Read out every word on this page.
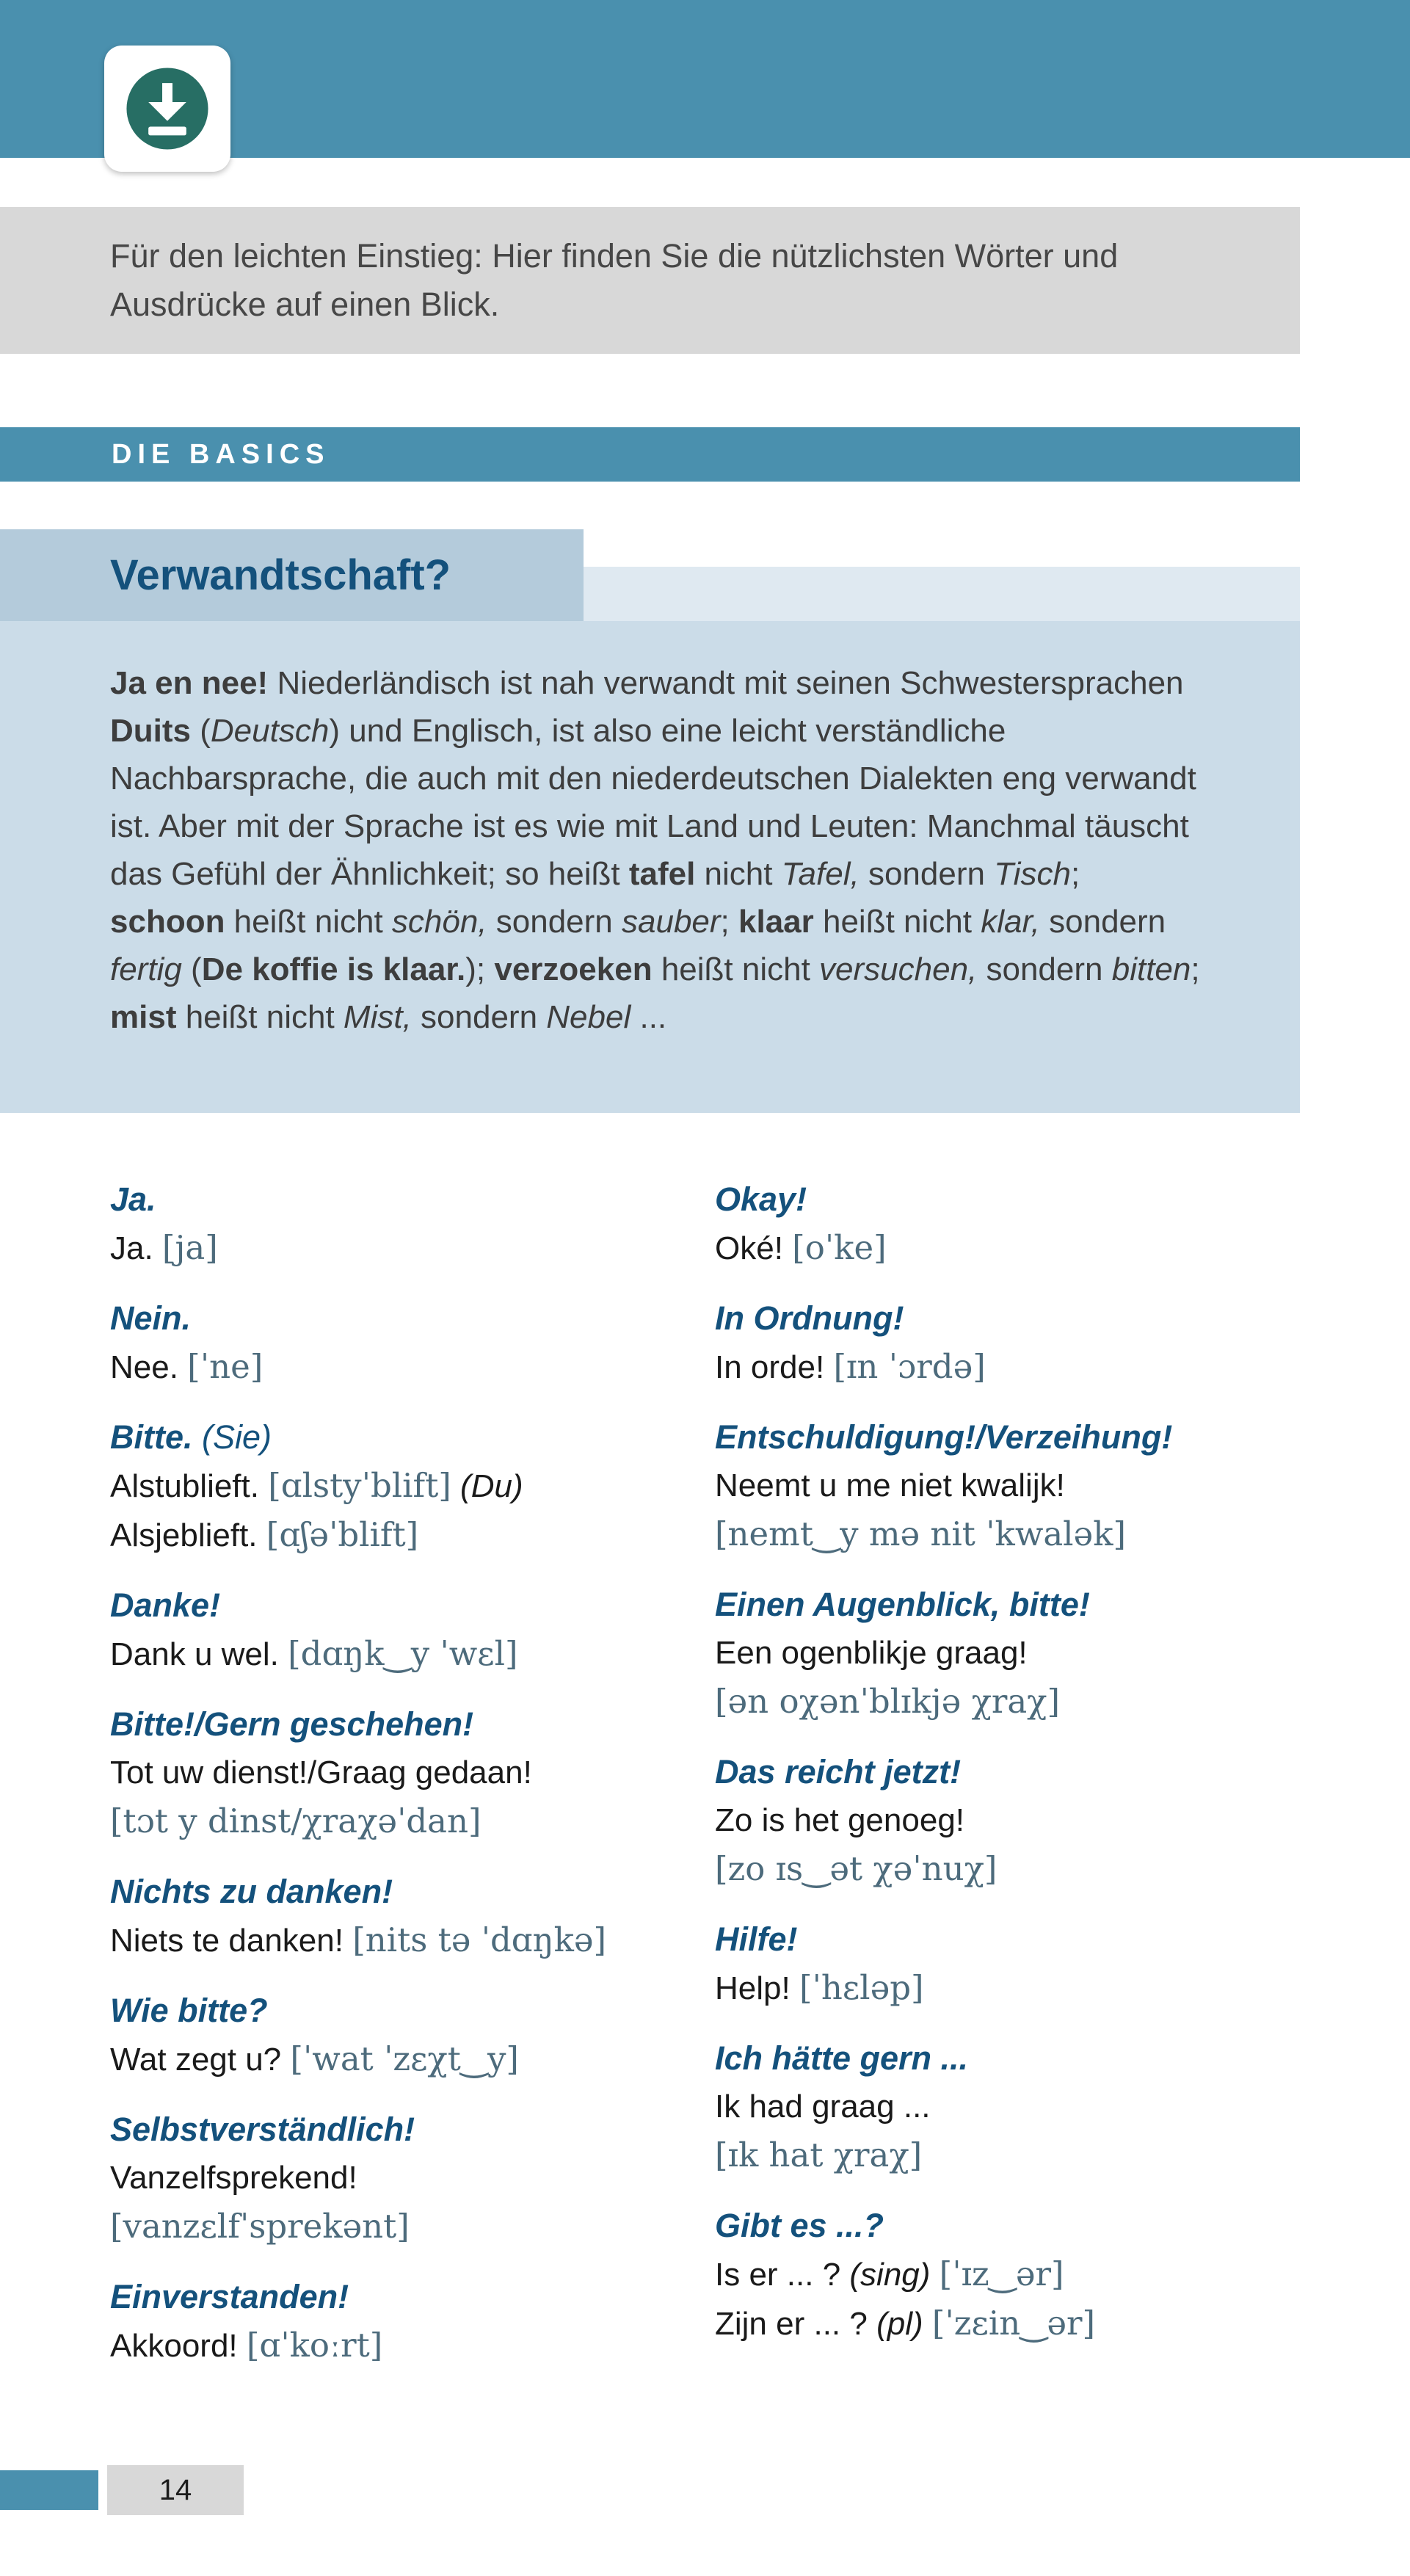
Für den leichten Einstieg: Hier finden Sie die nützlichsten Wörter und Ausdrücke auf einen Blick.
DIE BASICS
Verwandtschaft?
Ja en nee! Niederländisch ist nah verwandt mit seinen Schwestersprachen Duits (Deutsch) und Englisch, ist also eine leicht verständliche Nachbarsprache, die auch mit den niederdeutschen Dialekten eng verwandt ist. Aber mit der Sprache ist es wie mit Land und Leuten: Manchmal täuscht das Gefühl der Ähnlichkeit; so heißt tafel nicht Tafel, sondern Tisch; schoon heißt nicht schön, sondern sauber; klaar heißt nicht klar, sondern fertig (De koffie is klaar.); verzoeken heißt nicht versuchen, sondern bitten; mist heißt nicht Mist, sondern Nebel ...
Ja.
Ja. [ja]
Nein.
Nee. [ˈne]
Bitte. (Sie)
Alstublieft. [ɑlstyˈblift] (Du)
Alsjeblieft. [ɑʃəˈblift]
Danke!
Dank u wel. [dɑŋk‿y ˈwɛl]
Bitte!/Gern geschehen!
Tot uw dienst!/Graag gedaan!
[tɔt y dinst/χraχəˈdan]
Nichts zu danken!
Niets te danken! [nits tə ˈdɑŋkə]
Wie bitte?
Wat zegt u? [ˈwat ˈzɛχt‿y]
Selbstverständlich!
Vanzelfsprekend!
[vanzɛlfˈsprekənt]
Einverstanden!
Akkoord! [ɑˈkoːrt]
Okay!
Oké! [oˈke]
In Ordnung!
In orde! [ɪn ˈɔrdə]
Entschuldigung!/Verzeihung!
Neemt u me niet kwalijk!
[nemt‿y mə nit ˈkwalək]
Einen Augenblick, bitte!
Een ogenblikje graag!
[ən oχənˈblɪkjə χraχ]
Das reicht jetzt!
Zo is het genoeg!
[zo ɪs‿ət χəˈnuχ]
Hilfe!
Help! [ˈhɛləp]
Ich hätte gern ...
Ik had graag ...
[ɪk hat χraχ]
Gibt es ...?
Is er ... ? (sing) [ˈɪz‿ər]
Zijn er ... ? (pl) [ˈzɛin‿ər]
14
